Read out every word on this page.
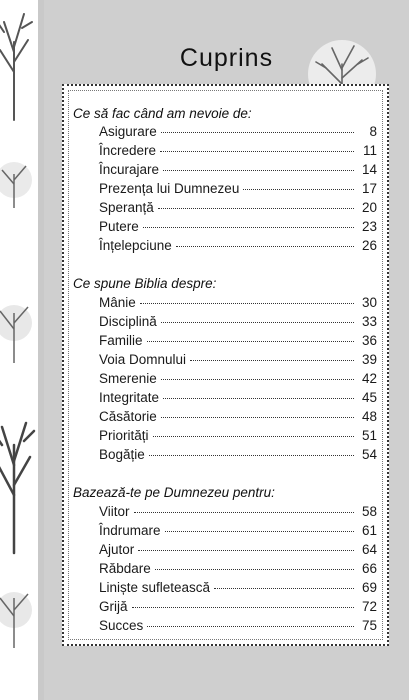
Cuprins
Ce să fac când am nevoie de:
Asigurare	8
Încredere	11
Încurajare	14
Prezența lui Dumnezeu	17
Speranță	20
Putere	23
Înțelepciune	26
Ce spune Biblia despre:
Mânie	30
Disciplină	33
Familie	36
Voia Domnului	39
Smerenie	42
Integritate	45
Căsătorie	48
Priorități	51
Bogăție	54
Bazează-te pe Dumnezeu pentru:
Viitor	58
Îndrumare	61
Ajutor	64
Răbdare	66
Liniște sufletească	69
Grijă	72
Succes	75
